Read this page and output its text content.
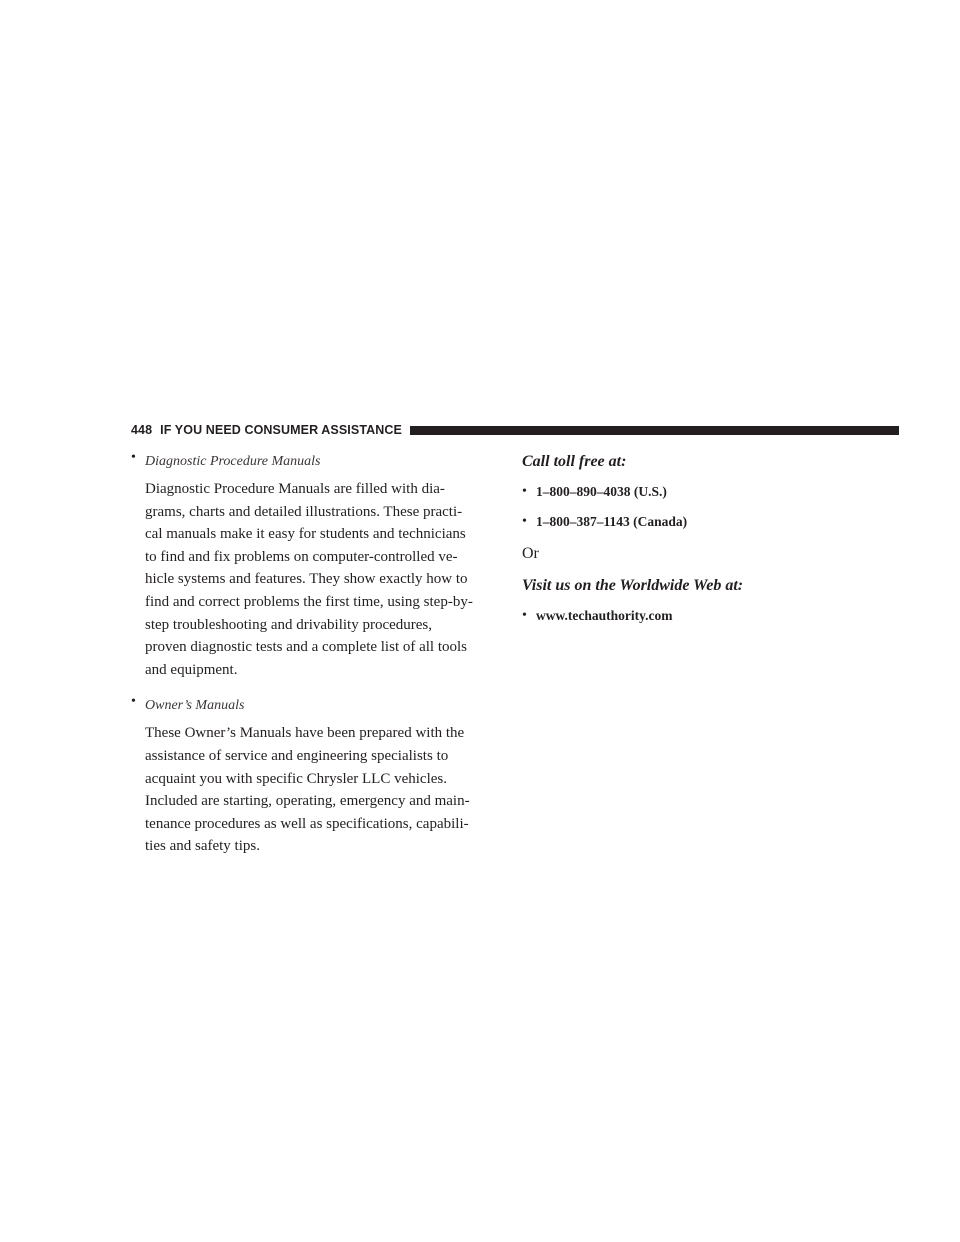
448 IF YOU NEED CONSUMER ASSISTANCE
• Diagnostic Procedure Manuals
Diagnostic Procedure Manuals are filled with dia-
grams, charts and detailed illustrations. These practi-
cal manuals make it easy for students and technicians
to find and fix problems on computer-controlled ve-
hicle systems and features. They show exactly how to
find and correct problems the first time, using step-by-
step troubleshooting and drivability procedures,
proven diagnostic tests and a complete list of all tools
and equipment.
• Owner’s Manuals
These Owner’s Manuals have been prepared with the
assistance of service and engineering specialists to
acquaint you with specific Chrysler LLC vehicles.
Included are starting, operating, emergency and main-
tenance procedures as well as specifications, capabili-
ties and safety tips.
Call toll free at:
• 1–800–890–4038 (U.S.)
• 1–800–387–1143 (Canada)
Or
Visit us on the Worldwide Web at:
• www.techauthority.com
